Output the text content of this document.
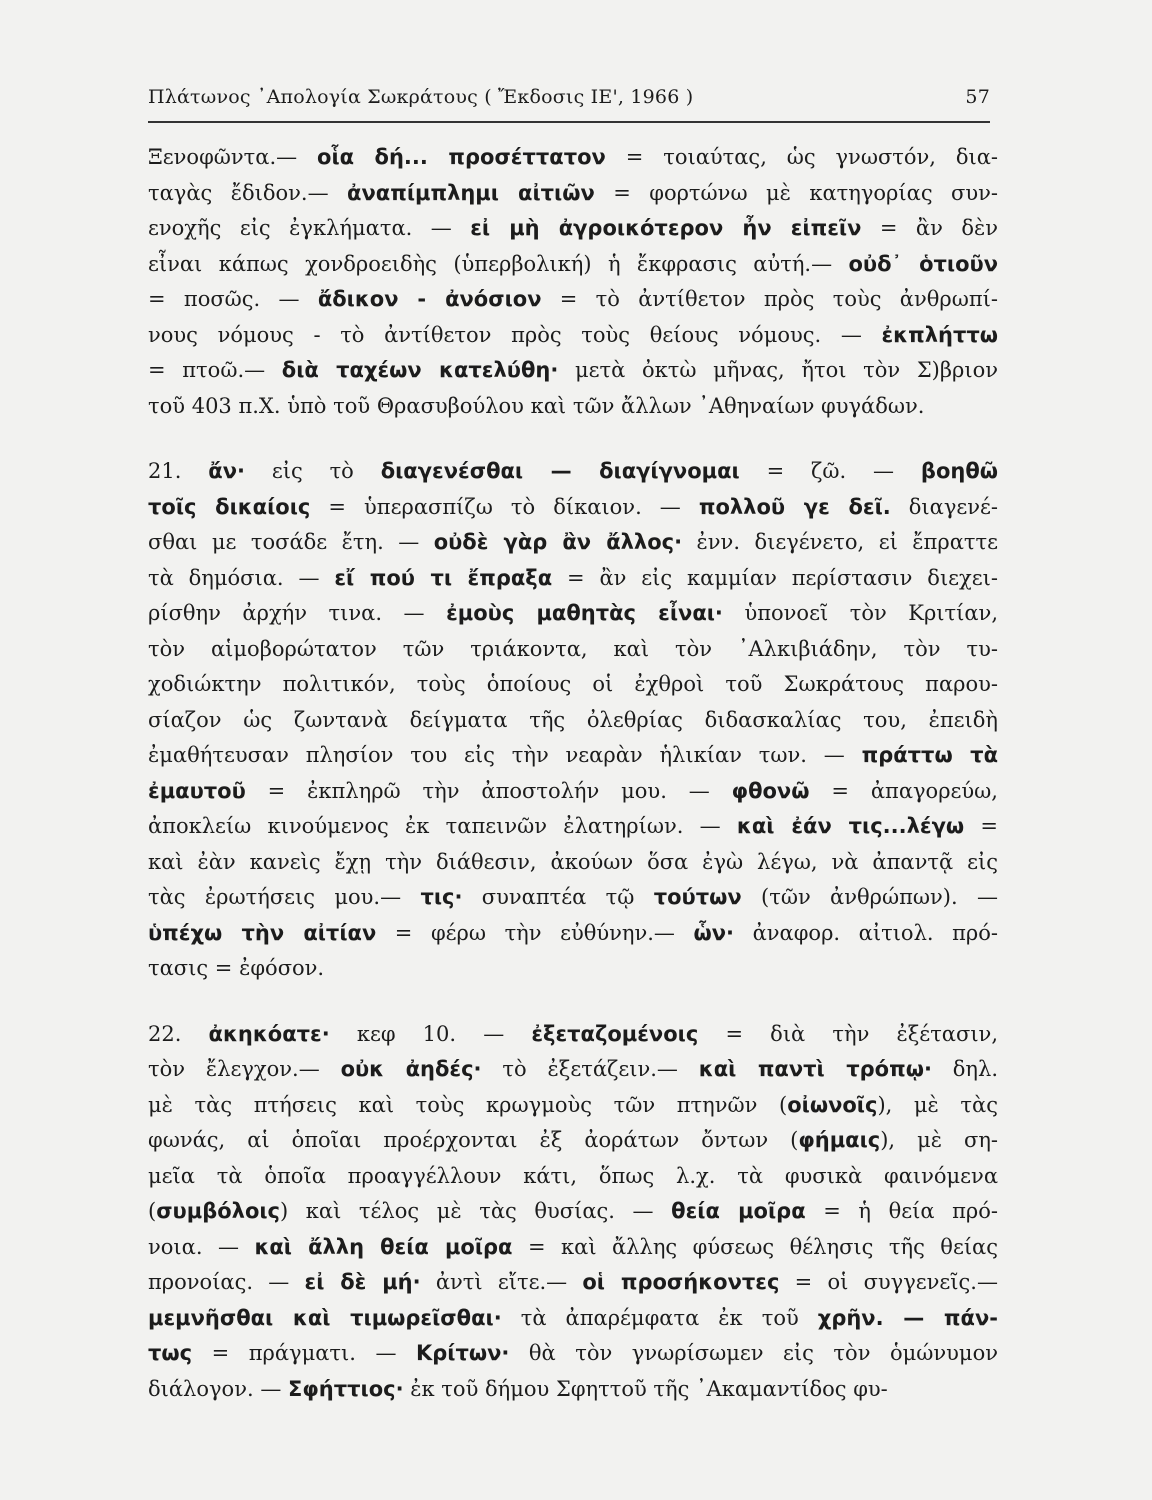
Πλάτωνος ᾿Απολογία Σωκράτους ( Ἔκδοσις ΙΕ', 1966 )	57
Ξενοφῶντα.— οἷα δή... προσέττατον = τοιαύτας, ὡς γνωστόν, δια-
ταγὰς ἔδιδον.— ἀναπίμπλημι αἰτιῶν = φορτώνω μὲ κατηγορίας συν-
ενοχῆς εἰς ἐγκλήματα. — εἰ μὴ ἀγροικότερον ἦν εἰπεῖν = ἂν δὲν
εἶναι κάπως χονδροειδὴς (ὑπερβολική) ἡ ἔκφρασις αὐτή.— οὐδ᾿ ὁτιοῦν
= ποσῶς. — ἄδικον - ἀνόσιον = τὸ ἀντίθετον πρὸς τοὺς ἀνθρωπί-
νους νόμους - τὸ ἀντίθετον πρὸς τοὺς θείους νόμους. — ἐκπλήττω
= πτοῶ.— διὰ ταχέων κατελύθη· μετὰ ὀκτὼ μῆνας, ἤτοι τὸν Σ)βριον
τοῦ 403 π.Χ. ὑπὸ τοῦ Θρασυβούλου καὶ τῶν ἄλλων ᾿Αθηναίων φυγάδων.
21. ἄν· εἰς τὸ διαγενέσθαι — διαγίγνομαι = ζῶ. — βοηθῶ
τοῖς δικαίοις = ὑπερασπίζω τὸ δίκαιον. — πολλοῦ γε δεῖ. διαγενέ-
σθαι με τοσάδε ἔτη. — οὐδὲ γὰρ ἂν ἄλλος· ἐνν. διεγένετο, εἰ ἔπραττε
τὰ δημόσια. — εἴ πού τι ἔπραξα = ἂν εἰς καμμίαν περίστασιν διεχει-
ρίσθην ἀρχήν τινα. — ἐμοὺς μαθητὰς εἶναι· ὑπονοεῖ τὸν Κριτίαν,
τὸν αἱμοβορώτατον τῶν τριάκοντα, καὶ τὸν ᾿Αλκιβιάδην, τὸν τυ-
χοδιώκτην πολιτικόν, τοὺς ὁποίους οἱ ἐχθροὶ τοῦ Σωκράτους παρου-
σίαζον ὡς ζωντανὰ δείγματα τῆς ὀλεθρίας διδασκαλίας του, ἐπειδὴ
ἐμαθήτευσαν πλησίον του εἰς τὴν νεαρὰν ἡλικίαν των. — πράττω τὰ
ἐμαυτοῦ = ἐκπληρῶ τὴν ἀποστολήν μου. — φθονῶ = ἀπαγορεύω,
ἀποκλείω κινούμενος ἐκ ταπεινῶν ἐλατηρίων. — καὶ ἐάν τις...λέγω =
καὶ ἐὰν κανεὶς ἔχῃ τὴν διάθεσιν, ἀκούων ὅσα ἐγὼ λέγω, νὰ ἀπαντᾷ εἰς
τὰς ἐρωτήσεις μου.— τις· συναπτέα τῷ τούτων (τῶν ἀνθρώπων). —
ὑπέχω τὴν αἰτίαν = φέρω τὴν εὐθύνην.— ὧν· ἀναφορ. αἰτιολ. πρό-
τασις = ἐφόσον.
22. ἀκηκόατε· κεφ 10. — ἐξεταζομένοις = διὰ τὴν ἐξέτασιν,
τὸν ἔλεγχον.— οὐκ ἀηδές· τὸ ἐξετάζειν.— καὶ παντὶ τρόπῳ· δηλ.
μὲ τὰς πτήσεις καὶ τοὺς κρωγμοὺς τῶν πτηνῶν (οἰωνοῖς), μὲ τὰς
φωνάς, αἱ ὁποῖαι προέρχονται ἐξ ἀοράτων ὄντων (φήμαις), μὲ ση-
μεῖα τὰ ὁποῖα προαγγέλλουν κάτι, ὅπως λ.χ. τὰ φυσικὰ φαινόμενα
(συμβόλοις) καὶ τέλος μὲ τὰς θυσίας. — θεία μοῖρα = ἡ θεία πρό-
νοια. — καὶ ἄλλη θεία μοῖρα = καὶ ἄλλης φύσεως θέλησις τῆς θείας
προνοίας. — εἰ δὲ μή· ἀντὶ εἴτε.— οἱ προσήκοντες = οἱ συγγενεῖς.—
μεμνῆσθαι καὶ τιμωρεῖσθαι· τὰ ἀπαρέμφατα ἐκ τοῦ χρῆν. — πάν-
τως = πράγματι. — Κρίτων· θὰ τὸν γνωρίσωμεν εἰς τὸν ὁμώνυμον
διάλογον. — Σφήττιος· ἐκ τοῦ δήμου Σφηττοῦ τῆς ᾿Ακαμαντίδος φυ-
